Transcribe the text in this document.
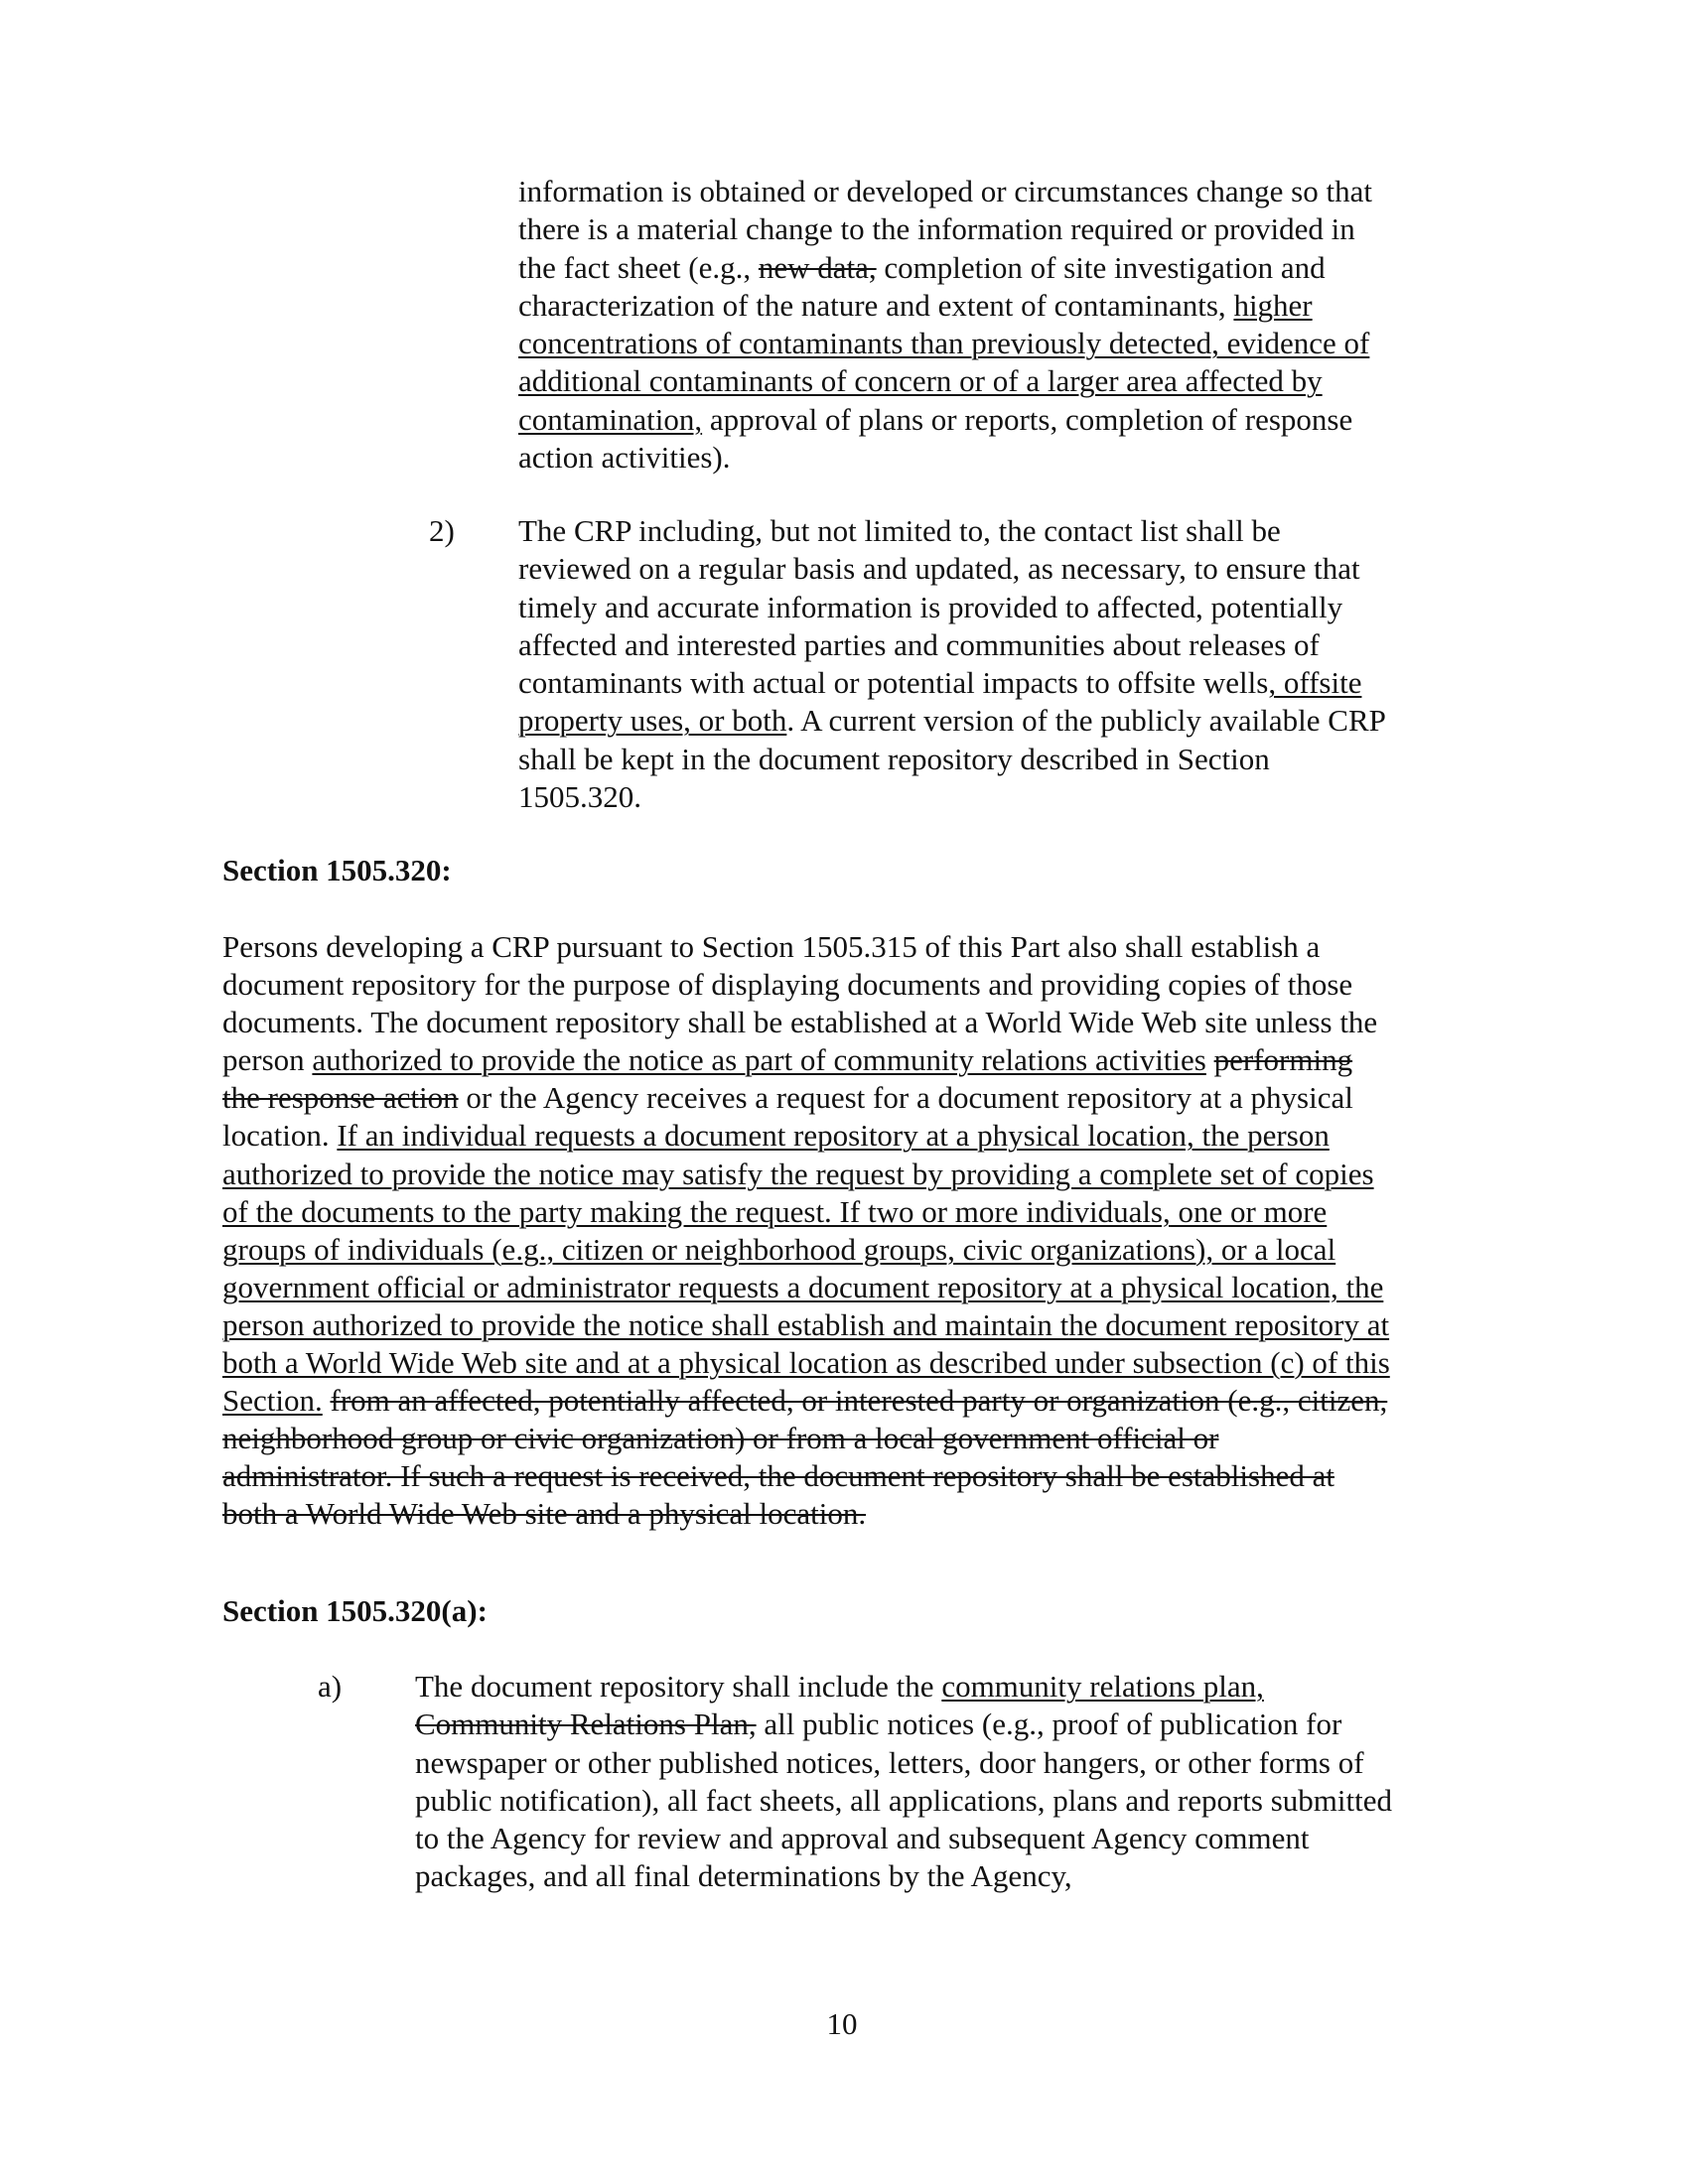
information is obtained or developed or circumstances change so that there is a material change to the information required or provided in the fact sheet (e.g., new data, completion of site investigation and characterization of the nature and extent of contaminants, higher concentrations of contaminants than previously detected, evidence of additional contaminants of concern or of a larger area affected by contamination, approval of plans or reports, completion of response action activities).
2) The CRP including, but not limited to, the contact list shall be reviewed on a regular basis and updated, as necessary, to ensure that timely and accurate information is provided to affected, potentially affected and interested parties and communities about releases of contaminants with actual or potential impacts to offsite wells, offsite property uses, or both. A current version of the publicly available CRP shall be kept in the document repository described in Section 1505.320.
Section 1505.320:
Persons developing a CRP pursuant to Section 1505.315 of this Part also shall establish a document repository for the purpose of displaying documents and providing copies of those documents. The document repository shall be established at a World Wide Web site unless the person authorized to provide the notice as part of community relations activities performing the response action or the Agency receives a request for a document repository at a physical location. If an individual requests a document repository at a physical location, the person authorized to provide the notice may satisfy the request by providing a complete set of copies of the documents to the party making the request. If two or more individuals, one or more groups of individuals (e.g., citizen or neighborhood groups, civic organizations), or a local government official or administrator requests a document repository at a physical location, the person authorized to provide the notice shall establish and maintain the document repository at both a World Wide Web site and at a physical location as described under subsection (c) of this Section. from an affected, potentially affected, or interested party or organization (e.g., citizen, neighborhood group or civic organization) or from a local government official or administrator. If such a request is received, the document repository shall be established at both a World Wide Web site and a physical location.
Section 1505.320(a):
a) The document repository shall include the community relations plan, Community Relations Plan, all public notices (e.g., proof of publication for newspaper or other published notices, letters, door hangers, or other forms of public notification), all fact sheets, all applications, plans and reports submitted to the Agency for review and approval and subsequent Agency comment packages, and all final determinations by the Agency,
10
